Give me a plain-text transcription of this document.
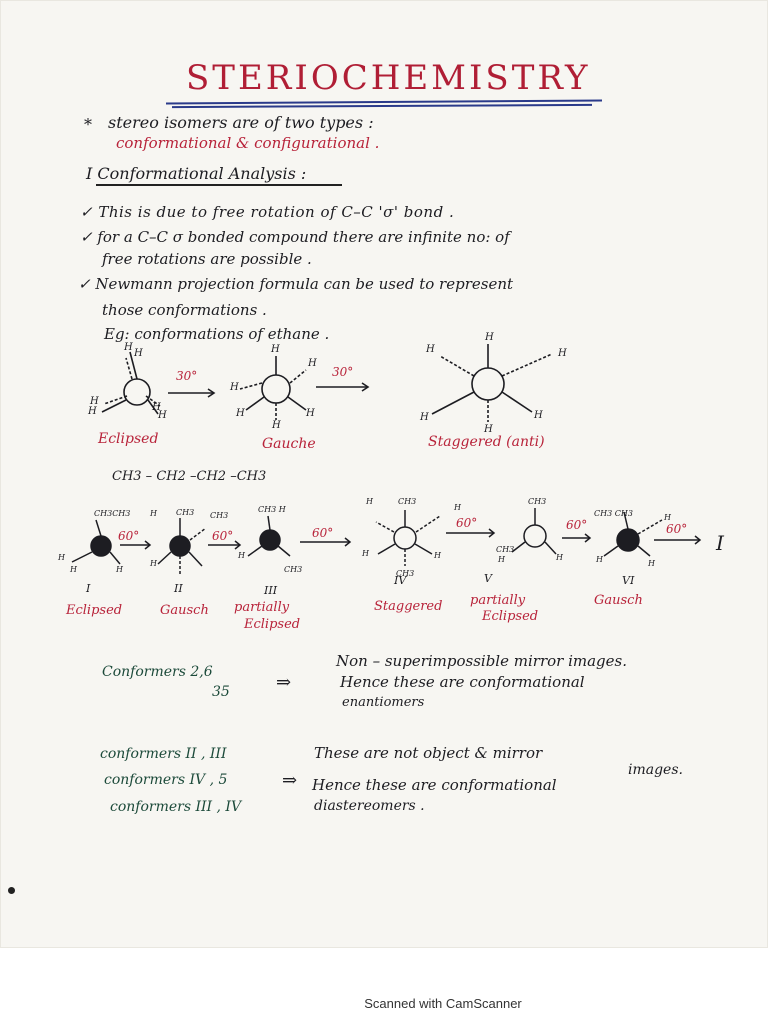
STERIOCHEMISTRY
* stereo isomers are of two types :
conformational & configurational .
I Conformational Analysis :
✓ This is due to free rotation of C–C 'σ' bond .
✓ for a C–C σ bonded compound there are infinite no: of
free rotations are possible .
✓ Newmann projection formula can be used to represent
those conformations .
Eg: conformations of ethane .
H
H
H
H	H
H
H
H
H
H	H
H
H
H	H
H	H
H
30°	30°
Eclipsed	Gauche	Staggered (anti)
CH3 – CH2 –CH2 –CH3
CH3CH3
H
H
H
H CH3 CH3
H
CH3 H
H
CH3
H	CH3
H
H	H
CH3
CH3
CH3
H
H
CH3 CH3	H
H	H
60°	60°	60°
60°	60°	60°
I	II	III
IV	V	VI
I
Eclipsed	Gausch partially
Eclipsed
Staggered partially
Eclipsed
Gausch
Conformers 2,6
35	⇒
Non – superimpossible mirror images.
Hence these are conformational
enantiomers
conformers II , III
conformers IV , 5
conformers III , IV
⇒
These are not object & mirror
images.
Hence these are conformational
diastereomers .
Scanned with CamScanner
